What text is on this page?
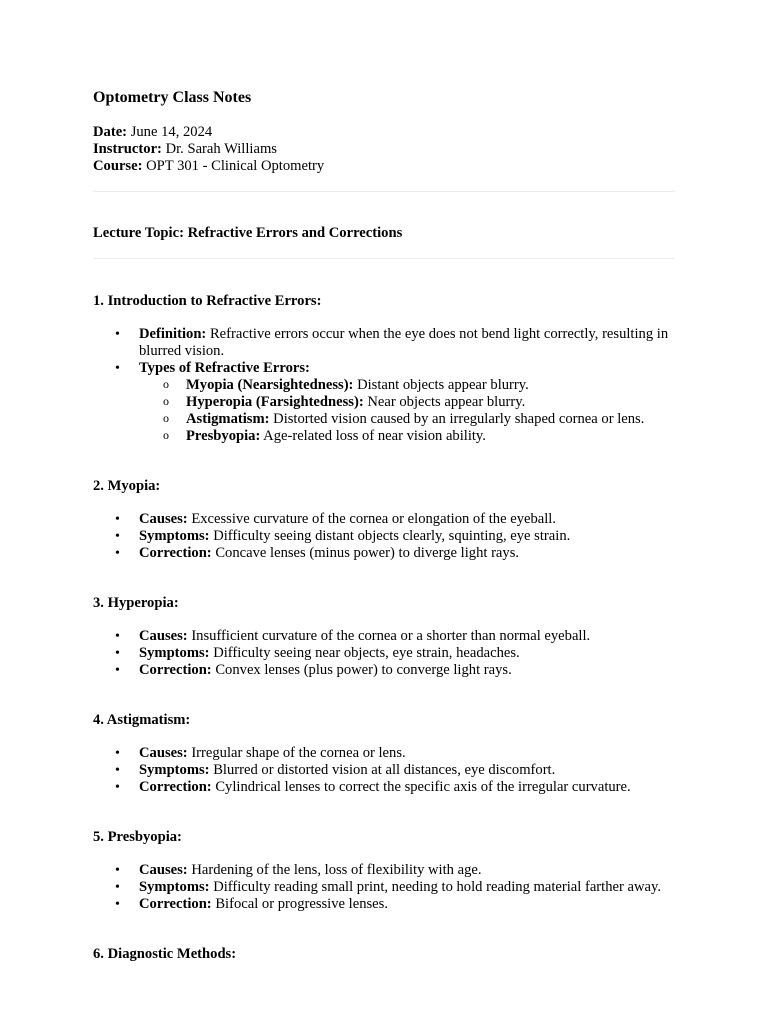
Optometry Class Notes
Date: June 14, 2024
Instructor: Dr. Sarah Williams
Course: OPT 301 - Clinical Optometry
Lecture Topic: Refractive Errors and Corrections
1. Introduction to Refractive Errors:
• Definition: Refractive errors occur when the eye does not bend light correctly, resulting in blurred vision.
• Types of Refractive Errors:
o Myopia (Nearsightedness): Distant objects appear blurry.
o Hyperopia (Farsightedness): Near objects appear blurry.
o Astigmatism: Distorted vision caused by an irregularly shaped cornea or lens.
o Presbyopia: Age-related loss of near vision ability.
2. Myopia:
• Causes: Excessive curvature of the cornea or elongation of the eyeball.
• Symptoms: Difficulty seeing distant objects clearly, squinting, eye strain.
• Correction: Concave lenses (minus power) to diverge light rays.
3. Hyperopia:
• Causes: Insufficient curvature of the cornea or a shorter than normal eyeball.
• Symptoms: Difficulty seeing near objects, eye strain, headaches.
• Correction: Convex lenses (plus power) to converge light rays.
4. Astigmatism:
• Causes: Irregular shape of the cornea or lens.
• Symptoms: Blurred or distorted vision at all distances, eye discomfort.
• Correction: Cylindrical lenses to correct the specific axis of the irregular curvature.
5. Presbyopia:
• Causes: Hardening of the lens, loss of flexibility with age.
• Symptoms: Difficulty reading small print, needing to hold reading material farther away.
• Correction: Bifocal or progressive lenses.
6. Diagnostic Methods:
